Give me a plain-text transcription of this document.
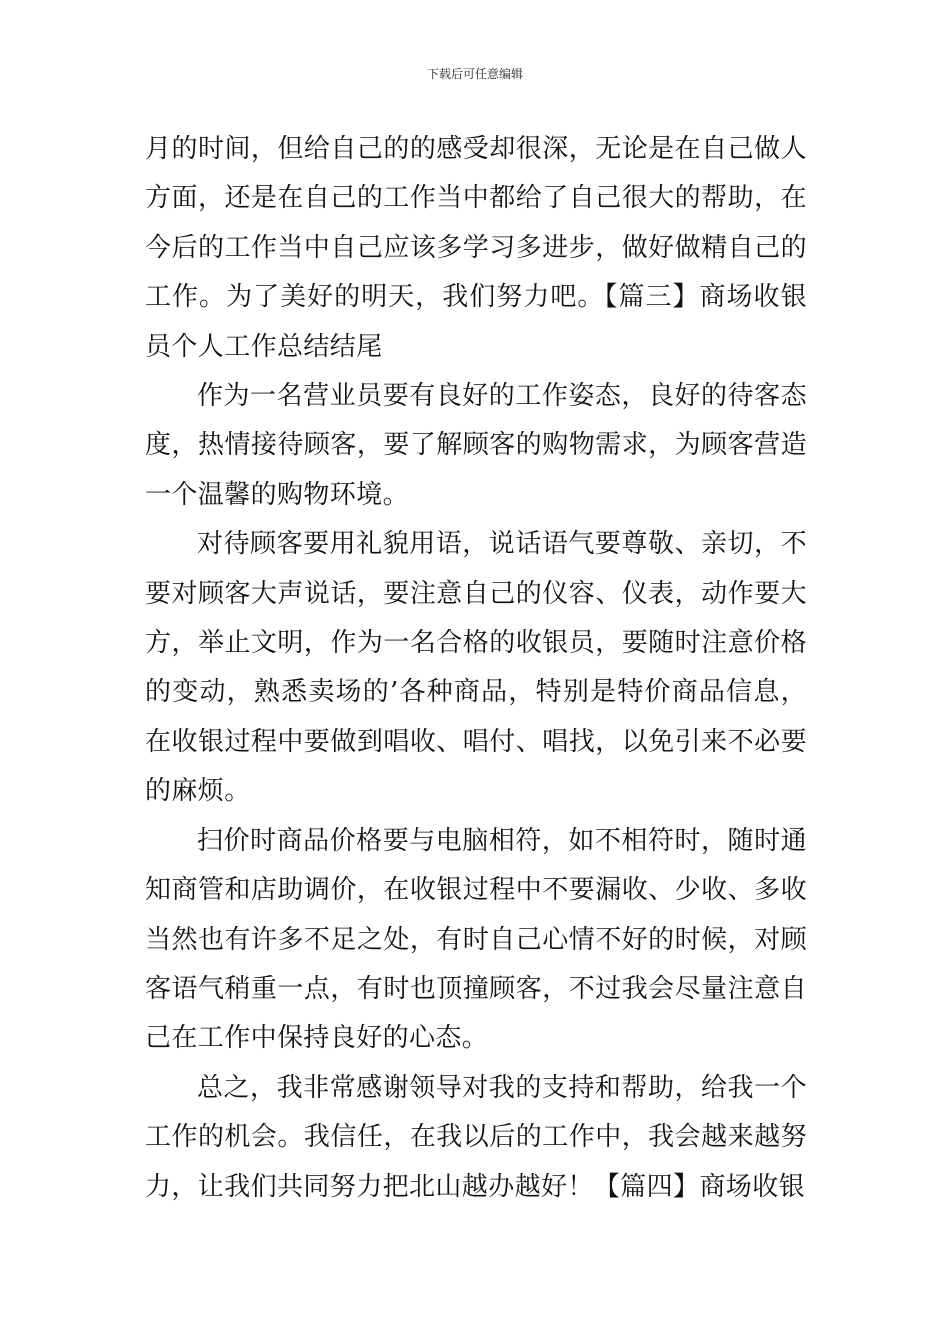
下载后可任意编辑

月的时间，但给自己的的感受却很深，无论是在自己做人方面，还是在自己的工作当中都给了自己很大的帮助，在今后的工作当中自己应该多学习多进步，做好做精自己的工作。为了美好的明天，我们努力吧。【篇三】商场收银员个人工作总结结尾

作为一名营业员要有良好的工作姿态，良好的待客态度，热情接待顾客，要了解顾客的购物需求，为顾客营造一个温馨的购物环境。

对待顾客要用礼貌用语，说话语气要尊敬、亲切，不要对顾客大声说话，要注意自己的仪容、仪表，动作要大方，举止文明，作为一名合格的收银员，要随时注意价格的变动，熟悉卖场的’各种商品，特别是特价商品信息，在收银过程中要做到唱收、唱付、唱找，以免引来不必要的麻烦。

扫价时商品价格要与电脑相符，如不相符时，随时通知商管和店助调价，在收银过程中不要漏收、少收、多收当然也有许多不足之处，有时自己心情不好的时候，对顾客语气稍重一点，有时也顶撞顾客，不过我会尽量注意自己在工作中保持良好的心态。

总之，我非常感谢领导对我的支持和帮助，给我一个工作的机会。我信任，在我以后的工作中，我会越来越努力，让我们共同努力把北山越办越好！【篇四】商场收银
